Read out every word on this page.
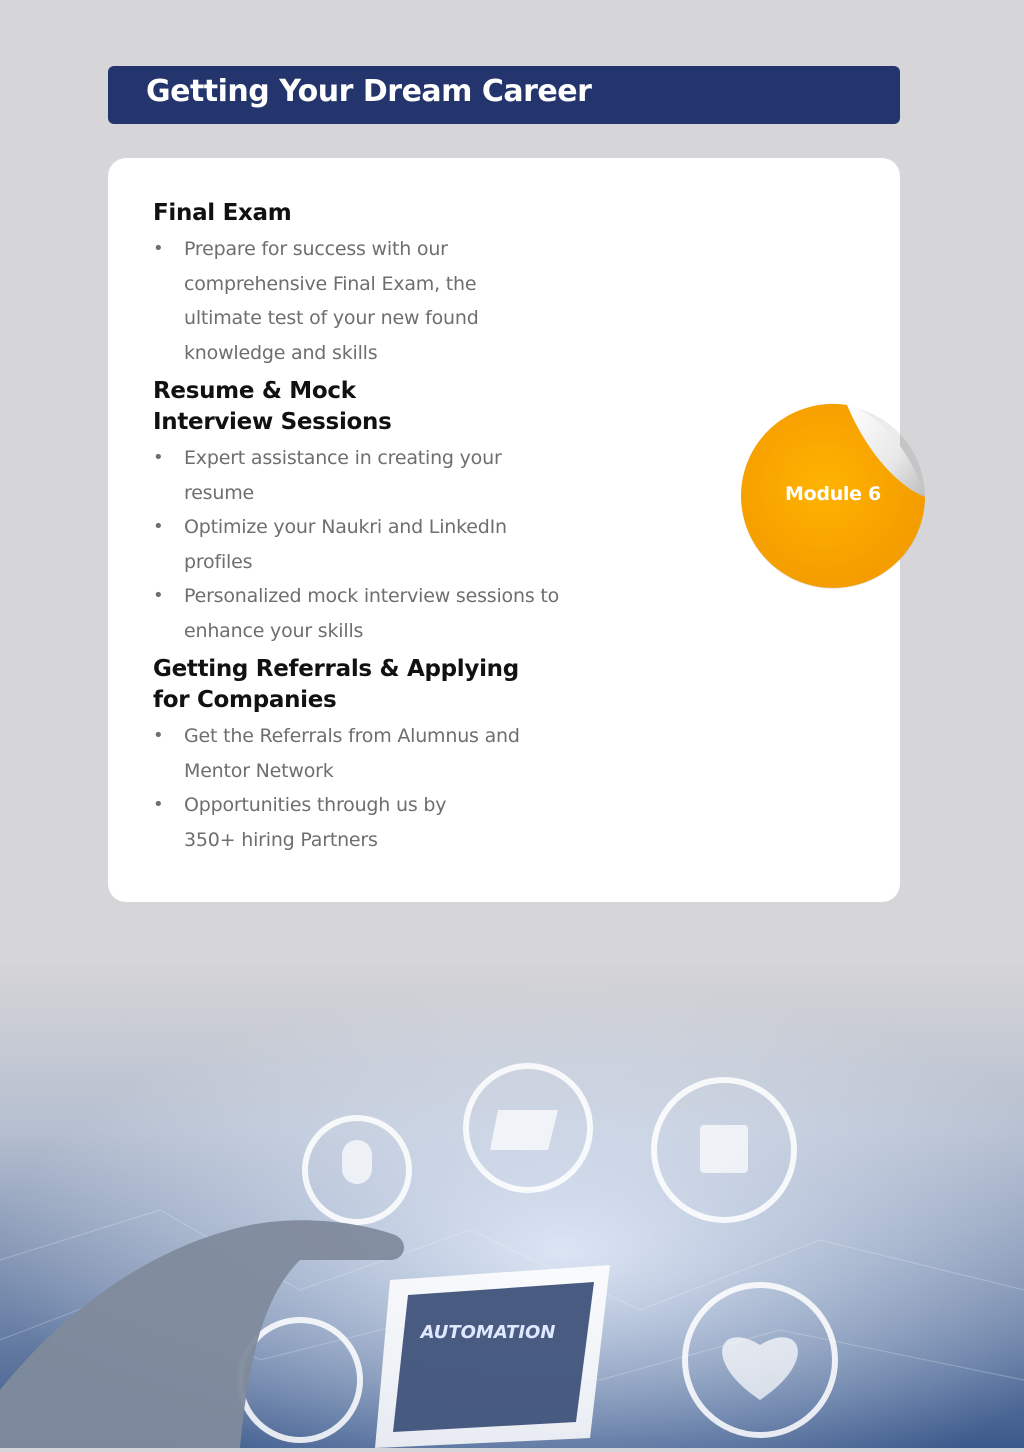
Getting Your Dream Career
Final Exam
• Prepare for success with our comprehensive Final Exam, the ultimate test of your new found knowledge and skills
Resume & Mock Interview Sessions
• Expert assistance in creating your resume
• Optimize your Naukri and LinkedIn profiles
• Personalized mock interview sessions to enhance your skills
Getting Referrals & Applying for Companies
• Get the Referrals from Alumnus and Mentor Network
• Opportunities through us by 350+ hiring Partners
Module 6
AUTOMATION
